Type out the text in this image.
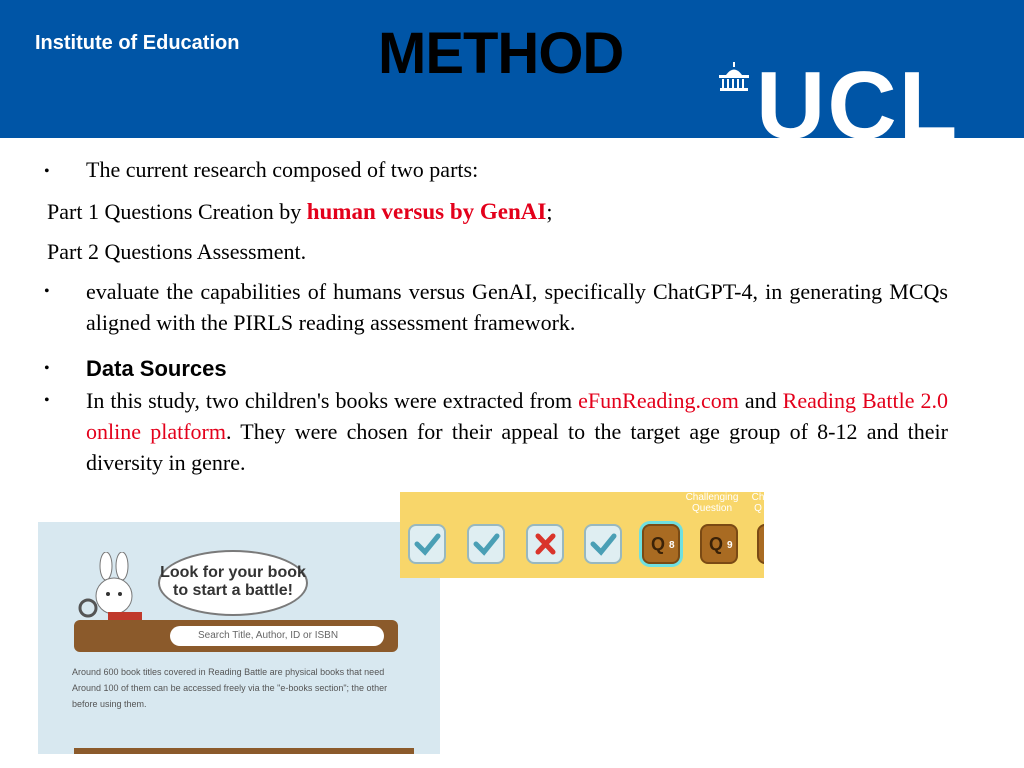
Institute of Education METHOD UCL
• The current research composed of two parts:
Part 1 Questions Creation by human versus by GenAI;
Part 2 Questions Assessment.
• evaluate the capabilities of humans versus GenAI, specifically ChatGPT-4, in generating MCQs aligned with the PIRLS reading assessment framework.
• Data Sources
• In this study, two children's books were extracted from eFunReading.com and Reading Battle 2.0 online platform. They were chosen for their appeal to the target age group of 8-12 and their diversity in genre.
Look for your book to start a battle!
Search Title, Author, ID or ISBN
Around 600 book titles covered in Reading Battle are physical books that need
Around 100 of them can be accessed freely via the "e-books section"; the other
before using them.
Challenging Question
Ch Q
Q 8 Q 9
